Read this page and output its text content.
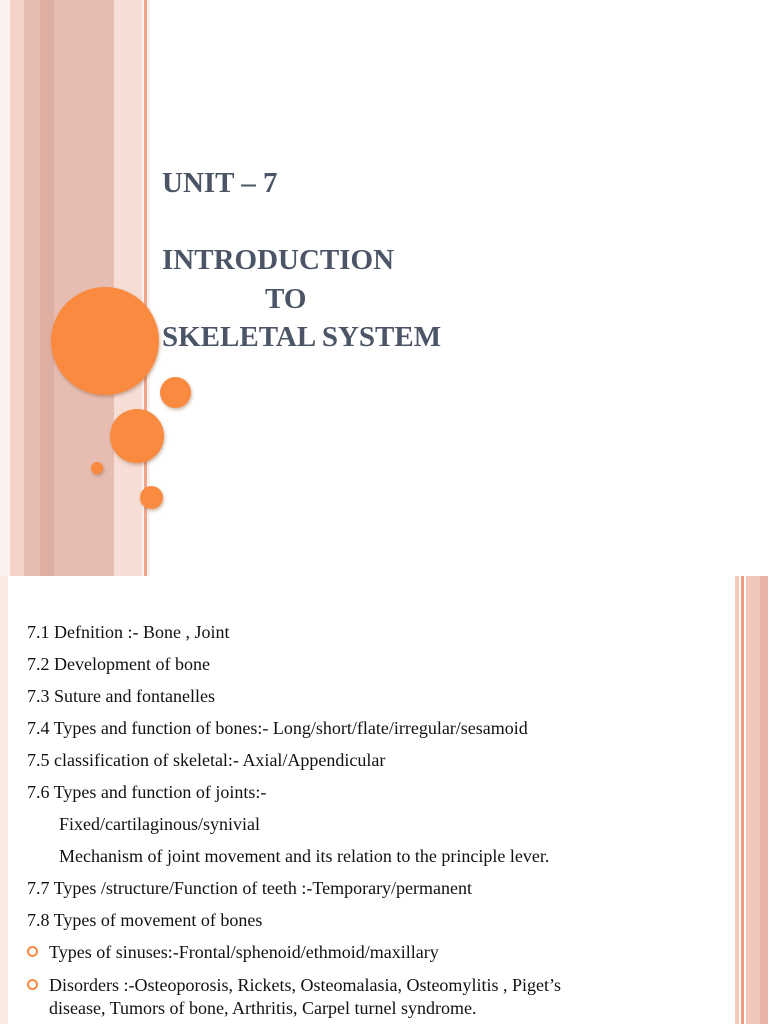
UNIT – 7
INTRODUCTION
TO
SKELETAL SYSTEM
7.1 Defnition :- Bone , Joint
7.2 Development of bone
7.3 Suture and fontanelles
7.4 Types and function of bones:- Long/short/flate/irregular/sesamoid
7.5 classification of skeletal:- Axial/Appendicular
7.6 Types and function of joints:-
Fixed/cartilaginous/synivial
Mechanism of joint movement and its relation to the principle lever.
7.7 Types /structure/Function of teeth :-Temporary/permanent
7.8 Types of movement of bones
Types of sinuses:-Frontal/sphenoid/ethmoid/maxillary
Disorders :-Osteoporosis, Rickets, Osteomalasia, Osteomylitis , Piget’s
disease, Tumors of bone, Arthritis, Carpel turnel syndrome.
